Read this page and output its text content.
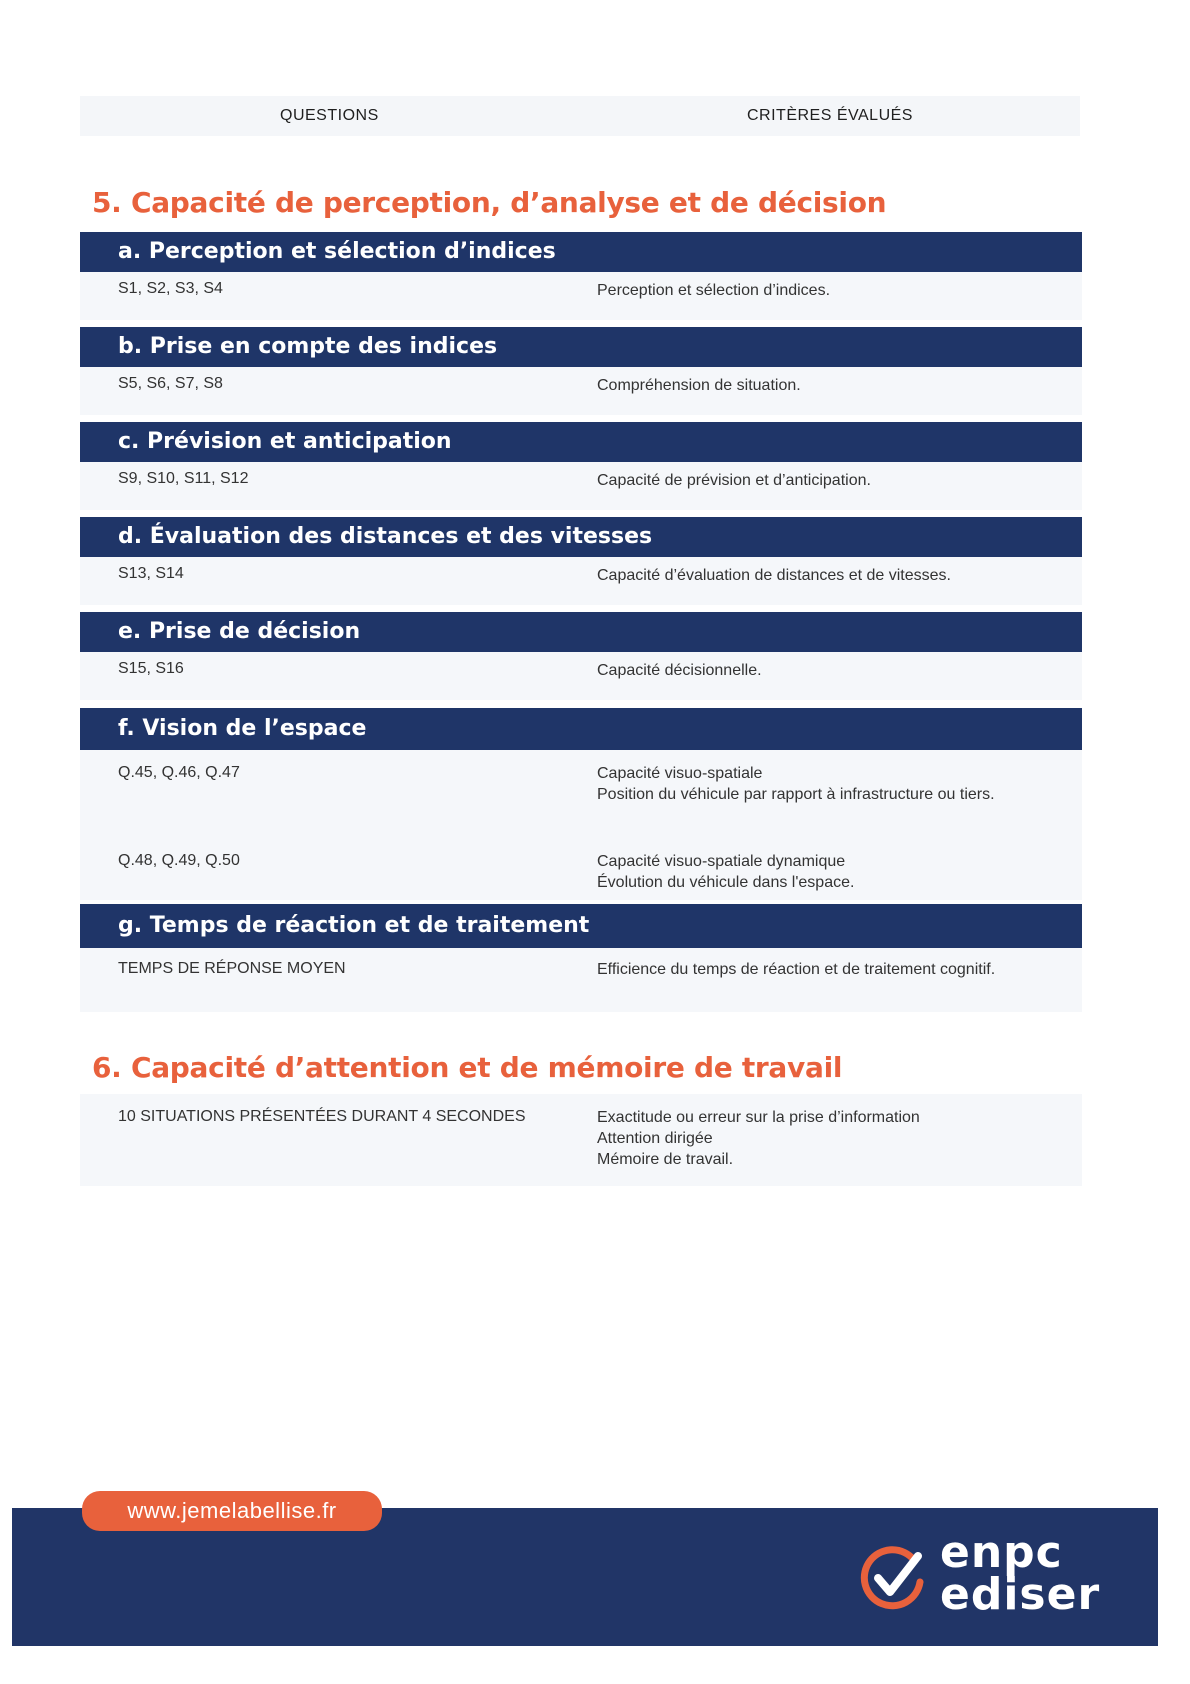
QUESTIONS	CRITÈRES ÉVALUÉS
5. Capacité de perception, d’analyse et de décision
a. Perception et sélection d’indices
S1, S2, S3, S4	Perception et sélection d’indices.
b. Prise en compte des indices
S5, S6, S7, S8	Compréhension de situation.
c. Prévision et anticipation
S9, S10, S11, S12	Capacité de prévision et d’anticipation.
d. Évaluation des distances et des vitesses
S13, S14	Capacité d’évaluation de distances et de vitesses.
e. Prise de décision
S15, S16	Capacité décisionnelle.
f. Vision de l’espace
Q.45, Q.46, Q.47	Capacité visuo-spatiale
Position du véhicule par rapport à infrastructure ou tiers.
Q.48, Q.49, Q.50	Capacité visuo-spatiale dynamique
Évolution du véhicule dans l'espace.
g. Temps de réaction et de traitement
TEMPS DE RÉPONSE MOYEN	Efficience du temps de réaction et de traitement cognitif.
6. Capacité d’attention et de mémoire de travail
10 SITUATIONS PRÉSENTÉES DURANT 4 SECONDES	Exactitude ou erreur sur la prise d’information
Attention dirigée
Mémoire de travail.
www.jemelabellise.fr
enpc
ediser
